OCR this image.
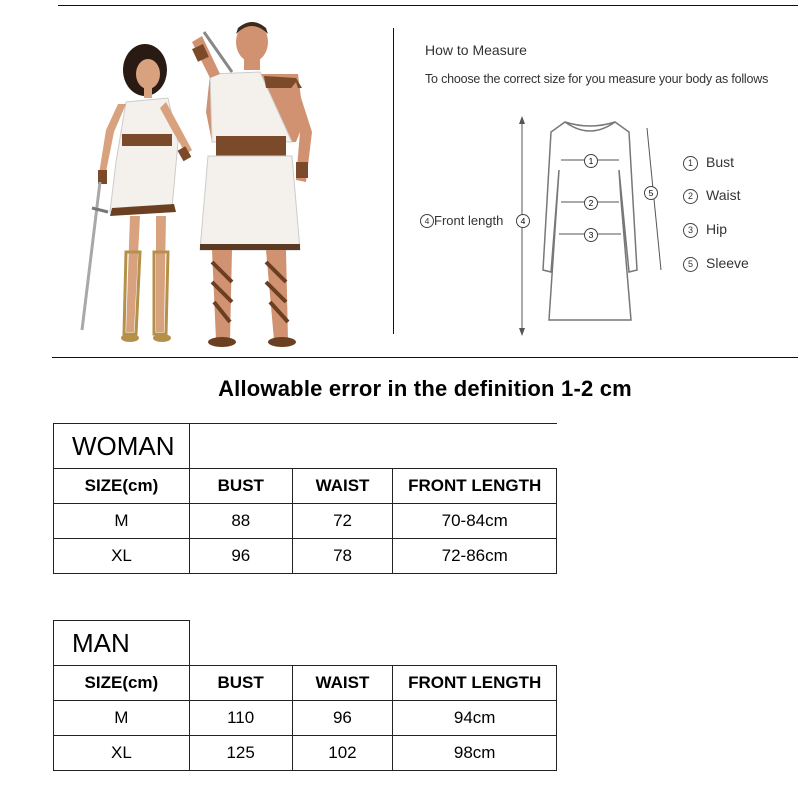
How to Measure
To choose the correct size for you measure your body as follows
4 Front length
1
2
3
4
5
1 Bust
2 Waist
3 Hip
5 Sleeve
Allowable error in the definition 1-2 cm
WOMAN			
SIZE(cm)	BUST	WAIST	FRONT LENGTH
M	88	72	70-84cm
XL	96	78	72-86cm
MAN			
SIZE(cm)	BUST	WAIST	FRONT LENGTH
M	110	96	94cm
XL	125	102	98cm
